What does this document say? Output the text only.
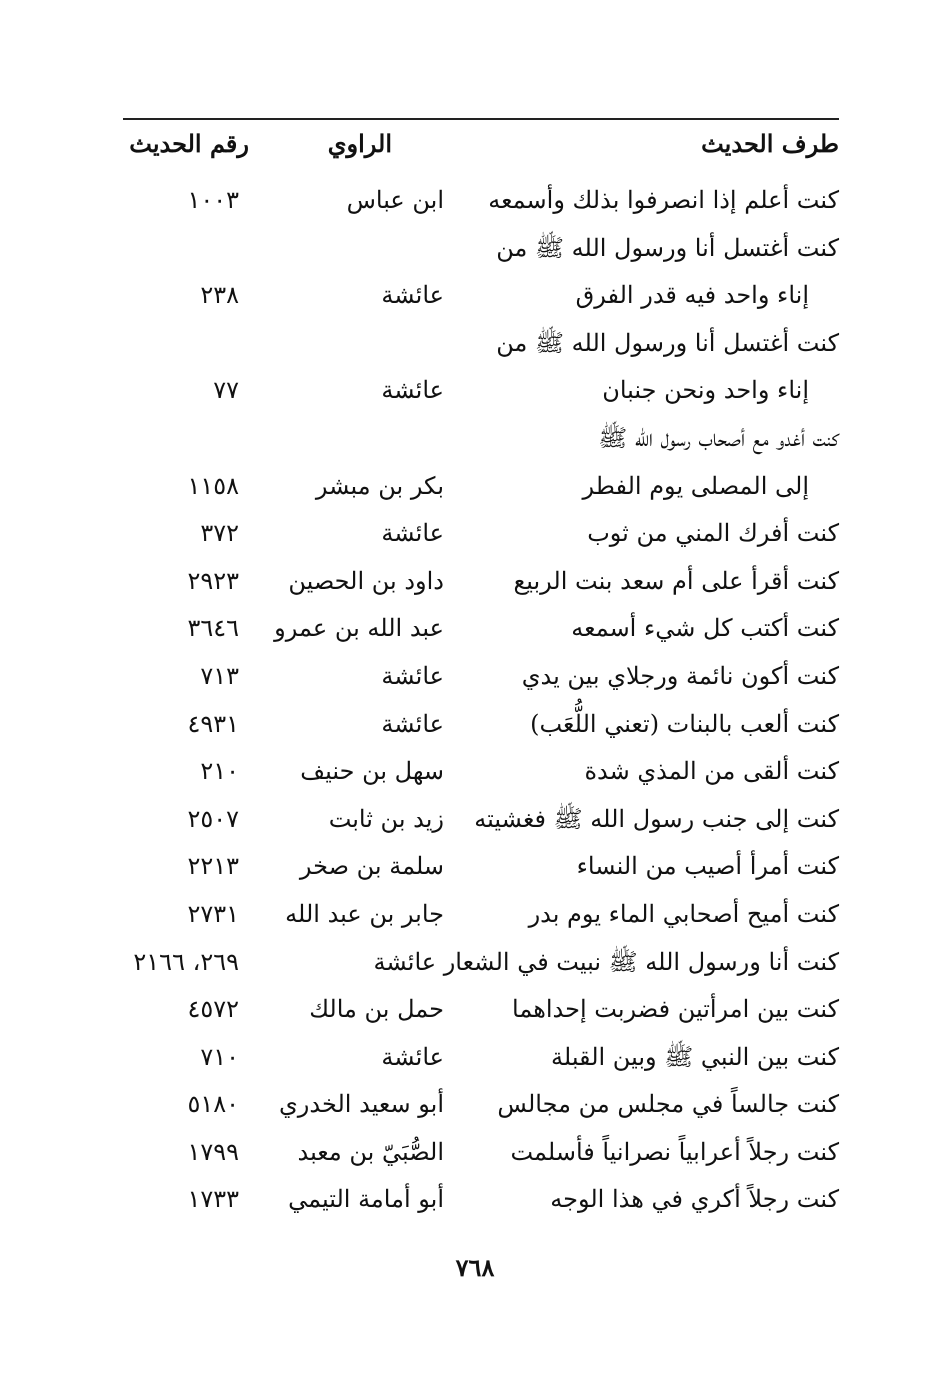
طرف الحديث
الراوي
رقم الحديث
كنت أعلم إذا انصرفوا بذلك وأسمعه
ابن عباس
١٠٠٣
كنت أغتسل أنا ورسول الله ﷺ من
إناء واحد فيه قدر الفرق
عائشة
٢٣٨
كنت أغتسل أنا ورسول الله ﷺ من
إناء واحد ونحن جنبان
عائشة
٧٧
كنت أغدو مع أصحاب رسول الله ﷺ
إلى المصلى يوم الفطر
بكر بن مبشر
١١٥٨
كنت أفرك المني من ثوب
عائشة
٣٧٢
كنت أقرأ على أم سعد بنت الربيع
داود بن الحصين
٢٩٢٣
كنت أكتب كل شيء أسمعه
عبد الله بن عمرو
٣٦٤٦
كنت أكون نائمة ورجلاي بين يدي
عائشة
٧١٣
كنت ألعب بالبنات (تعني اللُّعَب)
عائشة
٤٩٣١
كنت ألقى من المذي شدة
سهل بن حنيف
٢١٠
كنت إلى جنب رسول الله ﷺ فغشيته
زيد بن ثابت
٢٥٠٧
كنت أمرأ أصيب من النساء
سلمة بن صخر
٢٢١٣
كنت أميح أصحابي الماء يوم بدر
جابر بن عبد الله
٢٧٣١
كنت أنا ورسول الله ﷺ نبيت في الشعار عائشة
٢٦٩، ٢١٦٦
كنت بين امرأتين فضربت إحداهما
حمل بن مالك
٤٥٧٢
كنت بين النبي ﷺ وبين القبلة
عائشة
٧١٠
كنت جالساً في مجلس من مجالس
أبو سعيد الخدري
٥١٨٠
كنت رجلاً أعرابياً نصرانياً فأسلمت
الصُّبَيّ بن معبد
١٧٩٩
كنت رجلاً أكري في هذا الوجه
أبو أمامة التيمي
١٧٣٣
٧٦٨
